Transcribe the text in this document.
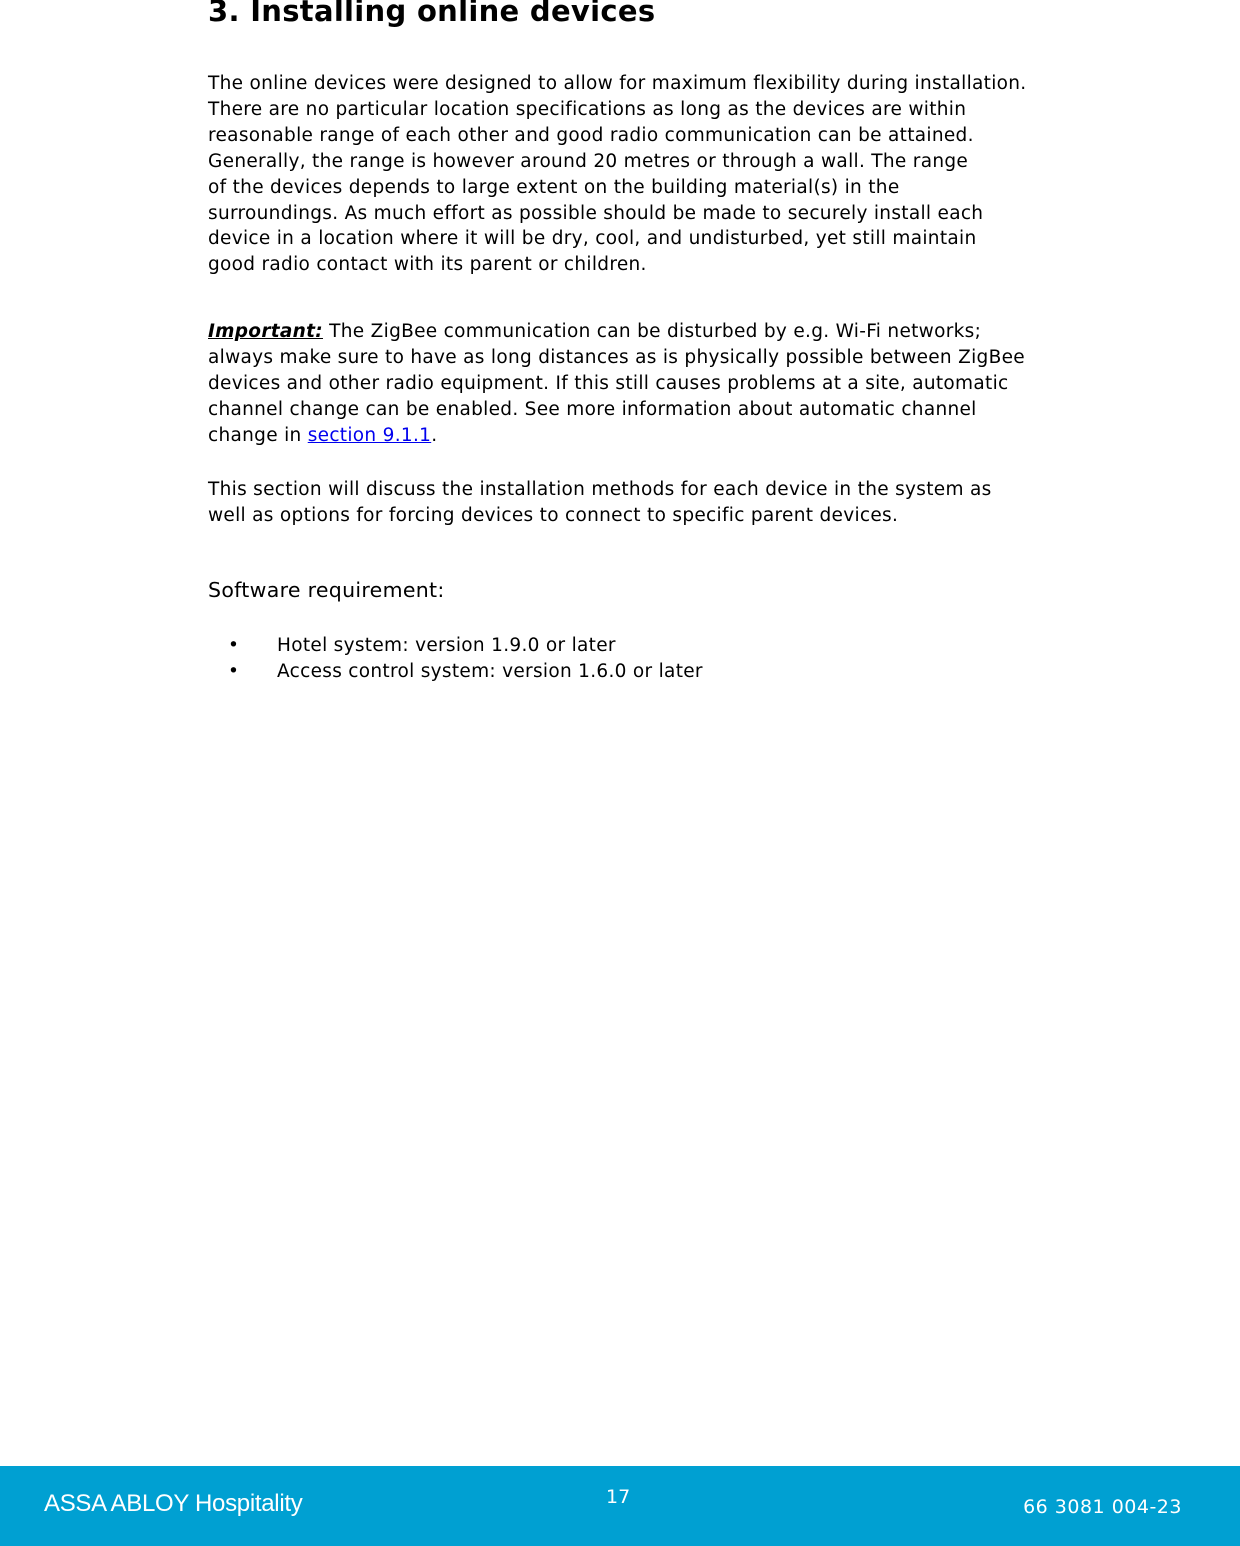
3. Installing online devices

The online devices were designed to allow for maximum flexibility during installation.
There are no particular location specifications as long as the devices are within
reasonable range of each other and good radio communication can be attained.
Generally, the range is however around 20 metres or through a wall. The range
of the devices depends to large extent on the building material(s) in the
surroundings. As much effort as possible should be made to securely install each
device in a location where it will be dry, cool, and undisturbed, yet still maintain
good radio contact with its parent or children.

Important: The ZigBee communication can be disturbed by e.g. Wi-Fi networks;
always make sure to have as long distances as is physically possible between ZigBee
devices and other radio equipment. If this still causes problems at a site, automatic
channel change can be enabled. See more information about automatic channel
change in section 9.1.1.

This section will discuss the installation methods for each device in the system as
well as options for forcing devices to connect to specific parent devices.

Software requirement:
• Hotel system: version 1.9.0 or later
• Access control system: version 1.6.0 or later
ASSA ABLOY Hospitality	17	66 3081 004-23
